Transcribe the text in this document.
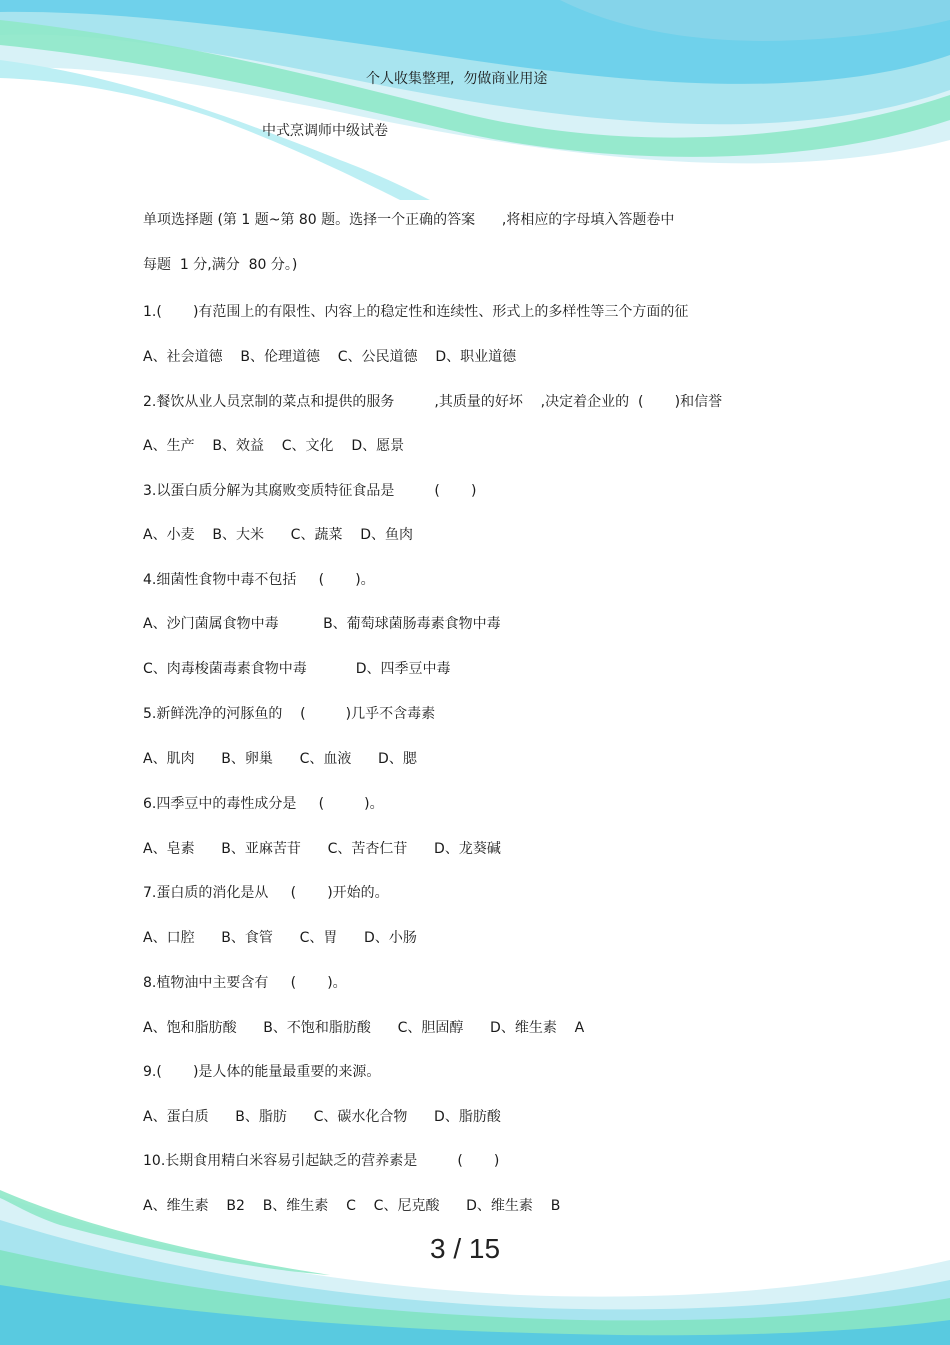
个人收集整理,  勿做商业用途
中式烹调师中级试卷
单项选择题 (第 1 题~第 80 题。选择一个正确的答案      ,将相应的字母填入答题卷中
每题  1 分,满分  80 分。)
1.(       )有范围上的有限性、内容上的稳定性和连续性、形式上的多样性等三个方面的征
A、社会道德    B、伦理道德    C、公民道德    D、职业道德
2.餐饮从业人员烹制的菜点和提供的服务         ,其质量的好坏    ,决定着企业的  (       )和信誉
A、生产    B、效益    C、文化    D、愿景
3.以蛋白质分解为其腐败变质特征食品是         (       )
A、小麦    B、大米      C、蔬菜    D、鱼肉
4.细菌性食物中毒不包括     (       )。
A、沙门菌属食物中毒          B、葡萄球菌肠毒素食物中毒
C、肉毒梭菌毒素食物中毒           D、四季豆中毒
5.新鲜洗净的河豚鱼的    (         )几乎不含毒素
A、肌肉      B、卵巢      C、血液      D、腮
6.四季豆中的毒性成分是     (         )。
A、皂素      B、亚麻苦苷      C、苦杏仁苷      D、龙葵碱
7.蛋白质的消化是从     (       )开始的。
A、口腔      B、食管      C、胃      D、小肠
8.植物油中主要含有     (       )。
A、饱和脂肪酸      B、不饱和脂肪酸      C、胆固醇      D、维生素    A
9.(       )是人体的能量最重要的来源。
A、蛋白质      B、脂肪      C、碳水化合物      D、脂肪酸
10.长期食用精白米容易引起缺乏的营养素是         (       )
A、维生素    B2    B、维生素    C    C、尼克酸      D、维生素    B
3 / 15
